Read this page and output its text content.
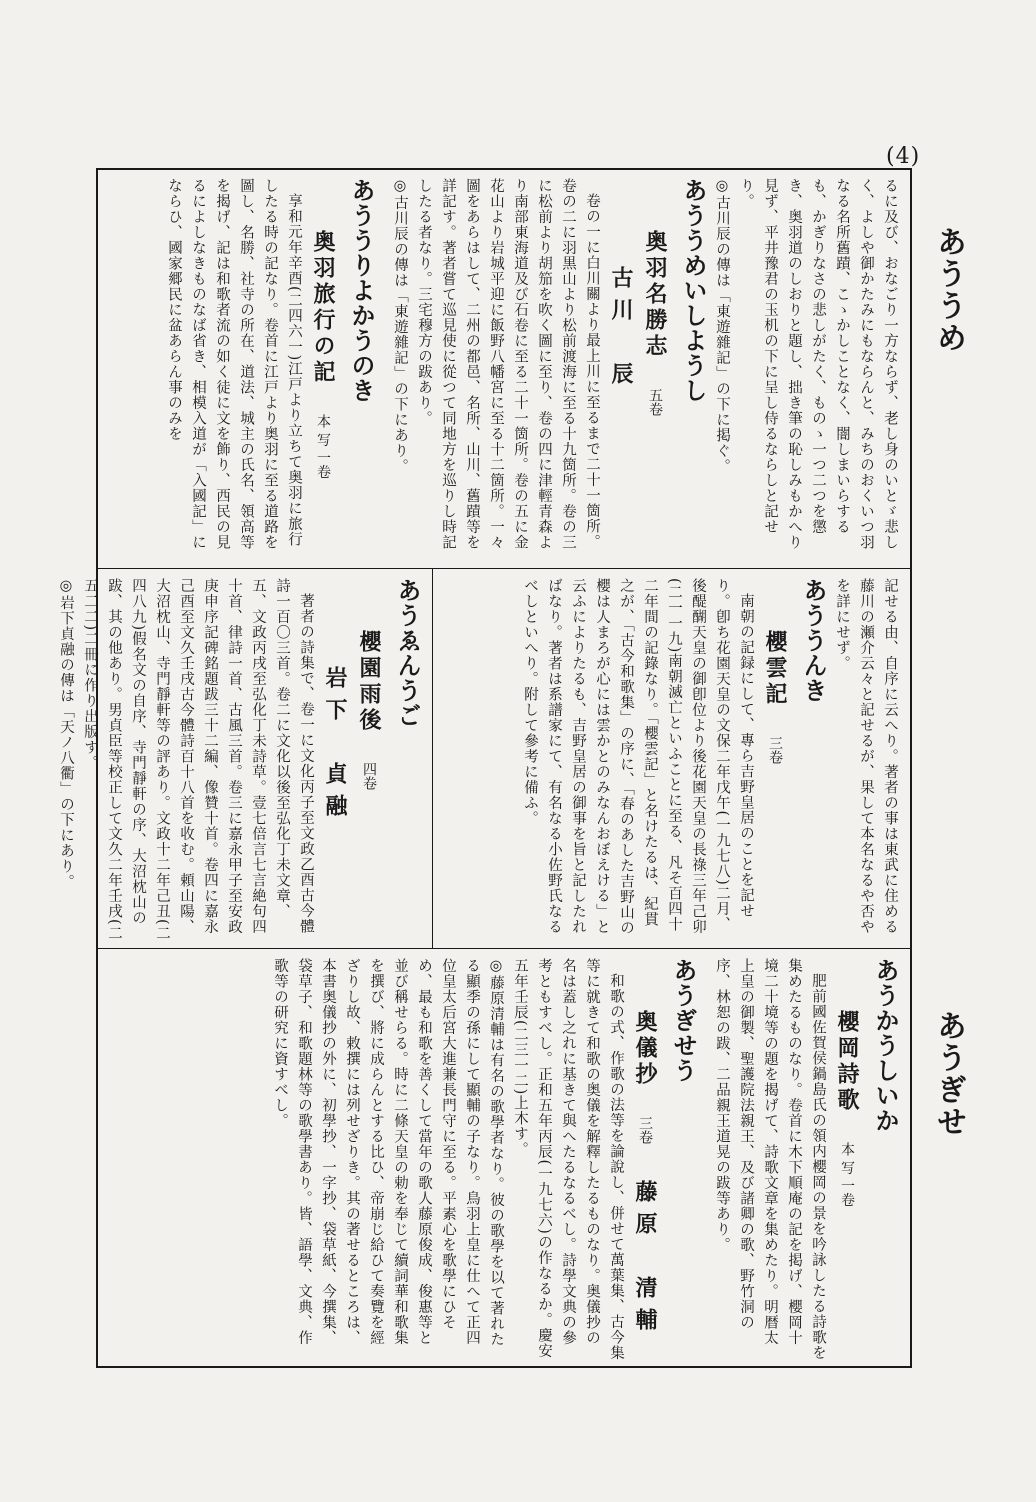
(4)
あううめ
あうぎせ

るに及び、おなごり一方ならず、老し身のいとゞ悲しく、よしや御かたみにもならんと、みちのおくいつ羽なる名所舊蹟、こゝかしことなく、闇しまいらするも、かぎりなさの悲しがたく、ものゝ一つ二つを懲き、奥羽道のしおりと題し、拙き筆の恥しみもかへり見ず、平井豫君の玉机の下に呈し侍るならしと記せり。

◎古川辰の傳は「東遊雜記」の下に掲ぐ。

あううめいしようし
奥羽名勝志五卷古川　辰

卷の一に白川關より最上川に至るまで二十一箇所。卷の二に羽黒山より松前渡海に至る十九箇所。卷の三に松前より胡笳を吹く圖に至り、卷の四に津輕青森より南部東海道及び石卷に至る二十一箇所。卷の五に金花山より岩城平迎に飯野八幡宮に至る十二箇所。一々圖をあらはして、二州の都邑、名所、山川、舊蹟等を詳記す。著者嘗て巡見使に從つて同地方を巡りし時記したる者なり。三宅穆方の跋あり。

◎古川辰の傳は「東遊雜記」の下にあり。

あううりよかうのき
奥羽旅行の記本 写 一卷

享和元年辛酉(二四六一)江戸より立ちて奥羽に旅行したる時の記なり。卷首に江戸より奥羽に至る道路を圖し、名勝、社寺の所在、道法、城主の氏名、領高等を揭げ、記は和歌者流の如く徒に文を飾り、西民の見るによしなきものなば省き、相模入道が「入國記」にならひ、國家郷民に盆あらん事のみを

記せる由、自序に云へり。著者の事は東武に住める藤川の瀬介云々と記せるが、果して本名なるや否やを詳にせず。

あううんき
櫻雲記三卷

南朝の記録にして、專ら吉野皇居のことを記せり。卽ち花園天皇の文保二年戊午(一九七八)二月、後醍醐天皇の御卽位より後花園天皇の長祿三年己卯(二一一九)南朝滅亡といふことに至る、凡そ百四十二年間の記錄なり。「櫻雲記」と名けたるは、紀貫之が、「古今和歌集」の序に、「春のあした吉野山の櫻は人まろが心には雲かとのみなんおぼえける」と云ふによりたるも、吉野皇居の御事を旨と記したればなり。著者は系譜家にて、有名なる小佐野氏なるべしといへり。附して參考に備ふ。

あうゑんうご
櫻園雨後四卷岩下　貞融

著者の詩集で、卷一に文化丙子至文政乙酉古今體詩一百〇三首。卷二に文化以後至弘化丁未文章、五、文政丙戌至弘化丁未詩草。壹七倍言七言絶句四十首、律詩一首、古風三首。卷三に嘉永甲子至安政庚申序記碑銘題跋三十二編、像贊十首。卷四に嘉永己酉至文久壬戌古今體詩百十八首を收む。頼山陽、大沼枕山、寺門靜軒等の評あり。文政十二年己丑(二四八九)假名文の自序、寺門靜軒の序、大沼枕山の跋、其の他あり。男貞臣等校正して文久二年壬戌(二五二二)二冊に作り出版す。

◎岩下貞融の傳は「天ノ八衢」の下にあり。

あうかうしいか
櫻岡詩歌本 写 一卷

肥前國佐賀侯鍋島氏の領内櫻岡の景を吟詠したる詩歌を集めたるものなり。卷首に木下順庵の記を掲げ、櫻岡十境二十境等の題を揭げて、詩歌文章を集めたり。明暦太上皇の御製、聖護院法親王、及び諸卿の歌、野竹洞の序、林恕の跋、二品親王道晃の跋等あり。

あうぎせう
奥儀抄三卷藤原　清輔

和歌の式、作歌の法等を論說し、併せて萬葉集、古今集等に就きて和歌の奥儀を解釋したるものなり。奥儀抄の名は蓋し之れに基きて與へたるなるべし。詩學文典の參考ともすべし。正和五年丙辰(一九七六)の作なるか。慶安五年壬辰(二三一二)上木す。

◎藤原清輔は有名の歌學者なり。彼の歌學を以て著れたる顯季の孫にして顯輔の子なり。鳥羽上皇に仕へて正四位皇太后宮大進兼長門守に至る。平素心を歌學にひそめ、最も和歌を善くして當年の歌人藤原俊成、俊惠等と並び稱せらる。時に二條天皇の勅を奉じて續詞華和歌集を撰び、將に成らんとする比ひ、帝崩じ給ひて奏覽を經ざりし故、敕撰には列せざりき。其の著せるところは、本書奥儀抄の外に、初學抄、一字抄、袋草紙、今撰集、袋草子、和歌題林等の歌學書あり。皆、語學、文典、作歌等の研究に資すべし。
